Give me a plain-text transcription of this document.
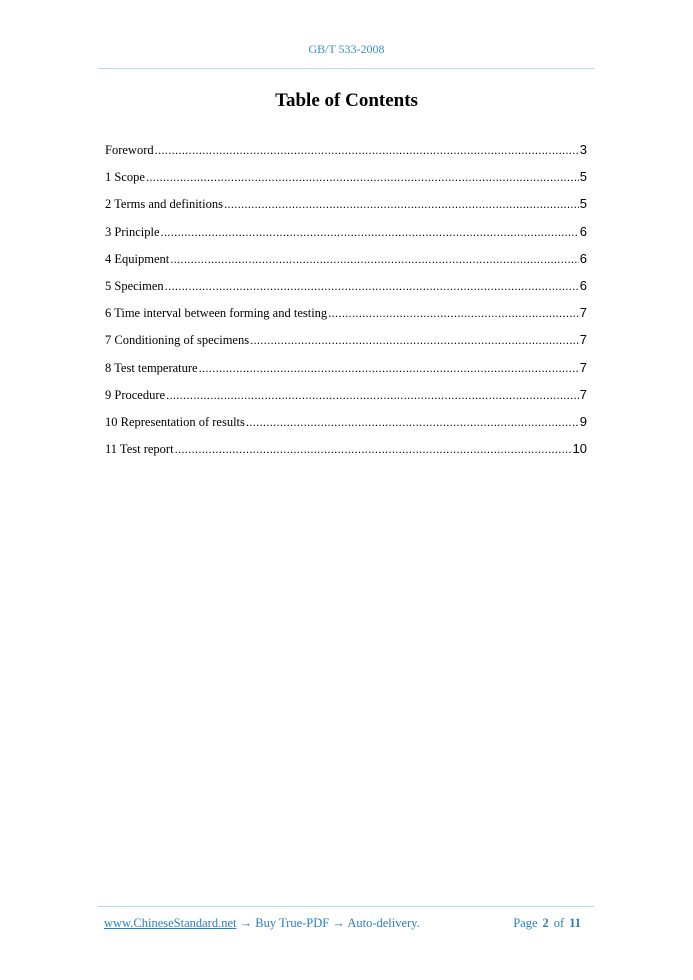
GB/T 533-2008
Table of Contents
Foreword .....	3
1 Scope .....	5
2 Terms and definitions .....	5
3 Principle .....	6
4 Equipment .....	6
5 Specimen .....	6
6 Time interval between forming and testing .....	7
7 Conditioning of specimens .....	7
8 Test temperature .....	7
9 Procedure .....	7
10 Representation of results .....	9
11 Test report .....	10
www.ChineseStandard.net → Buy True-PDF → Auto-delivery.	Page 2 of 11
